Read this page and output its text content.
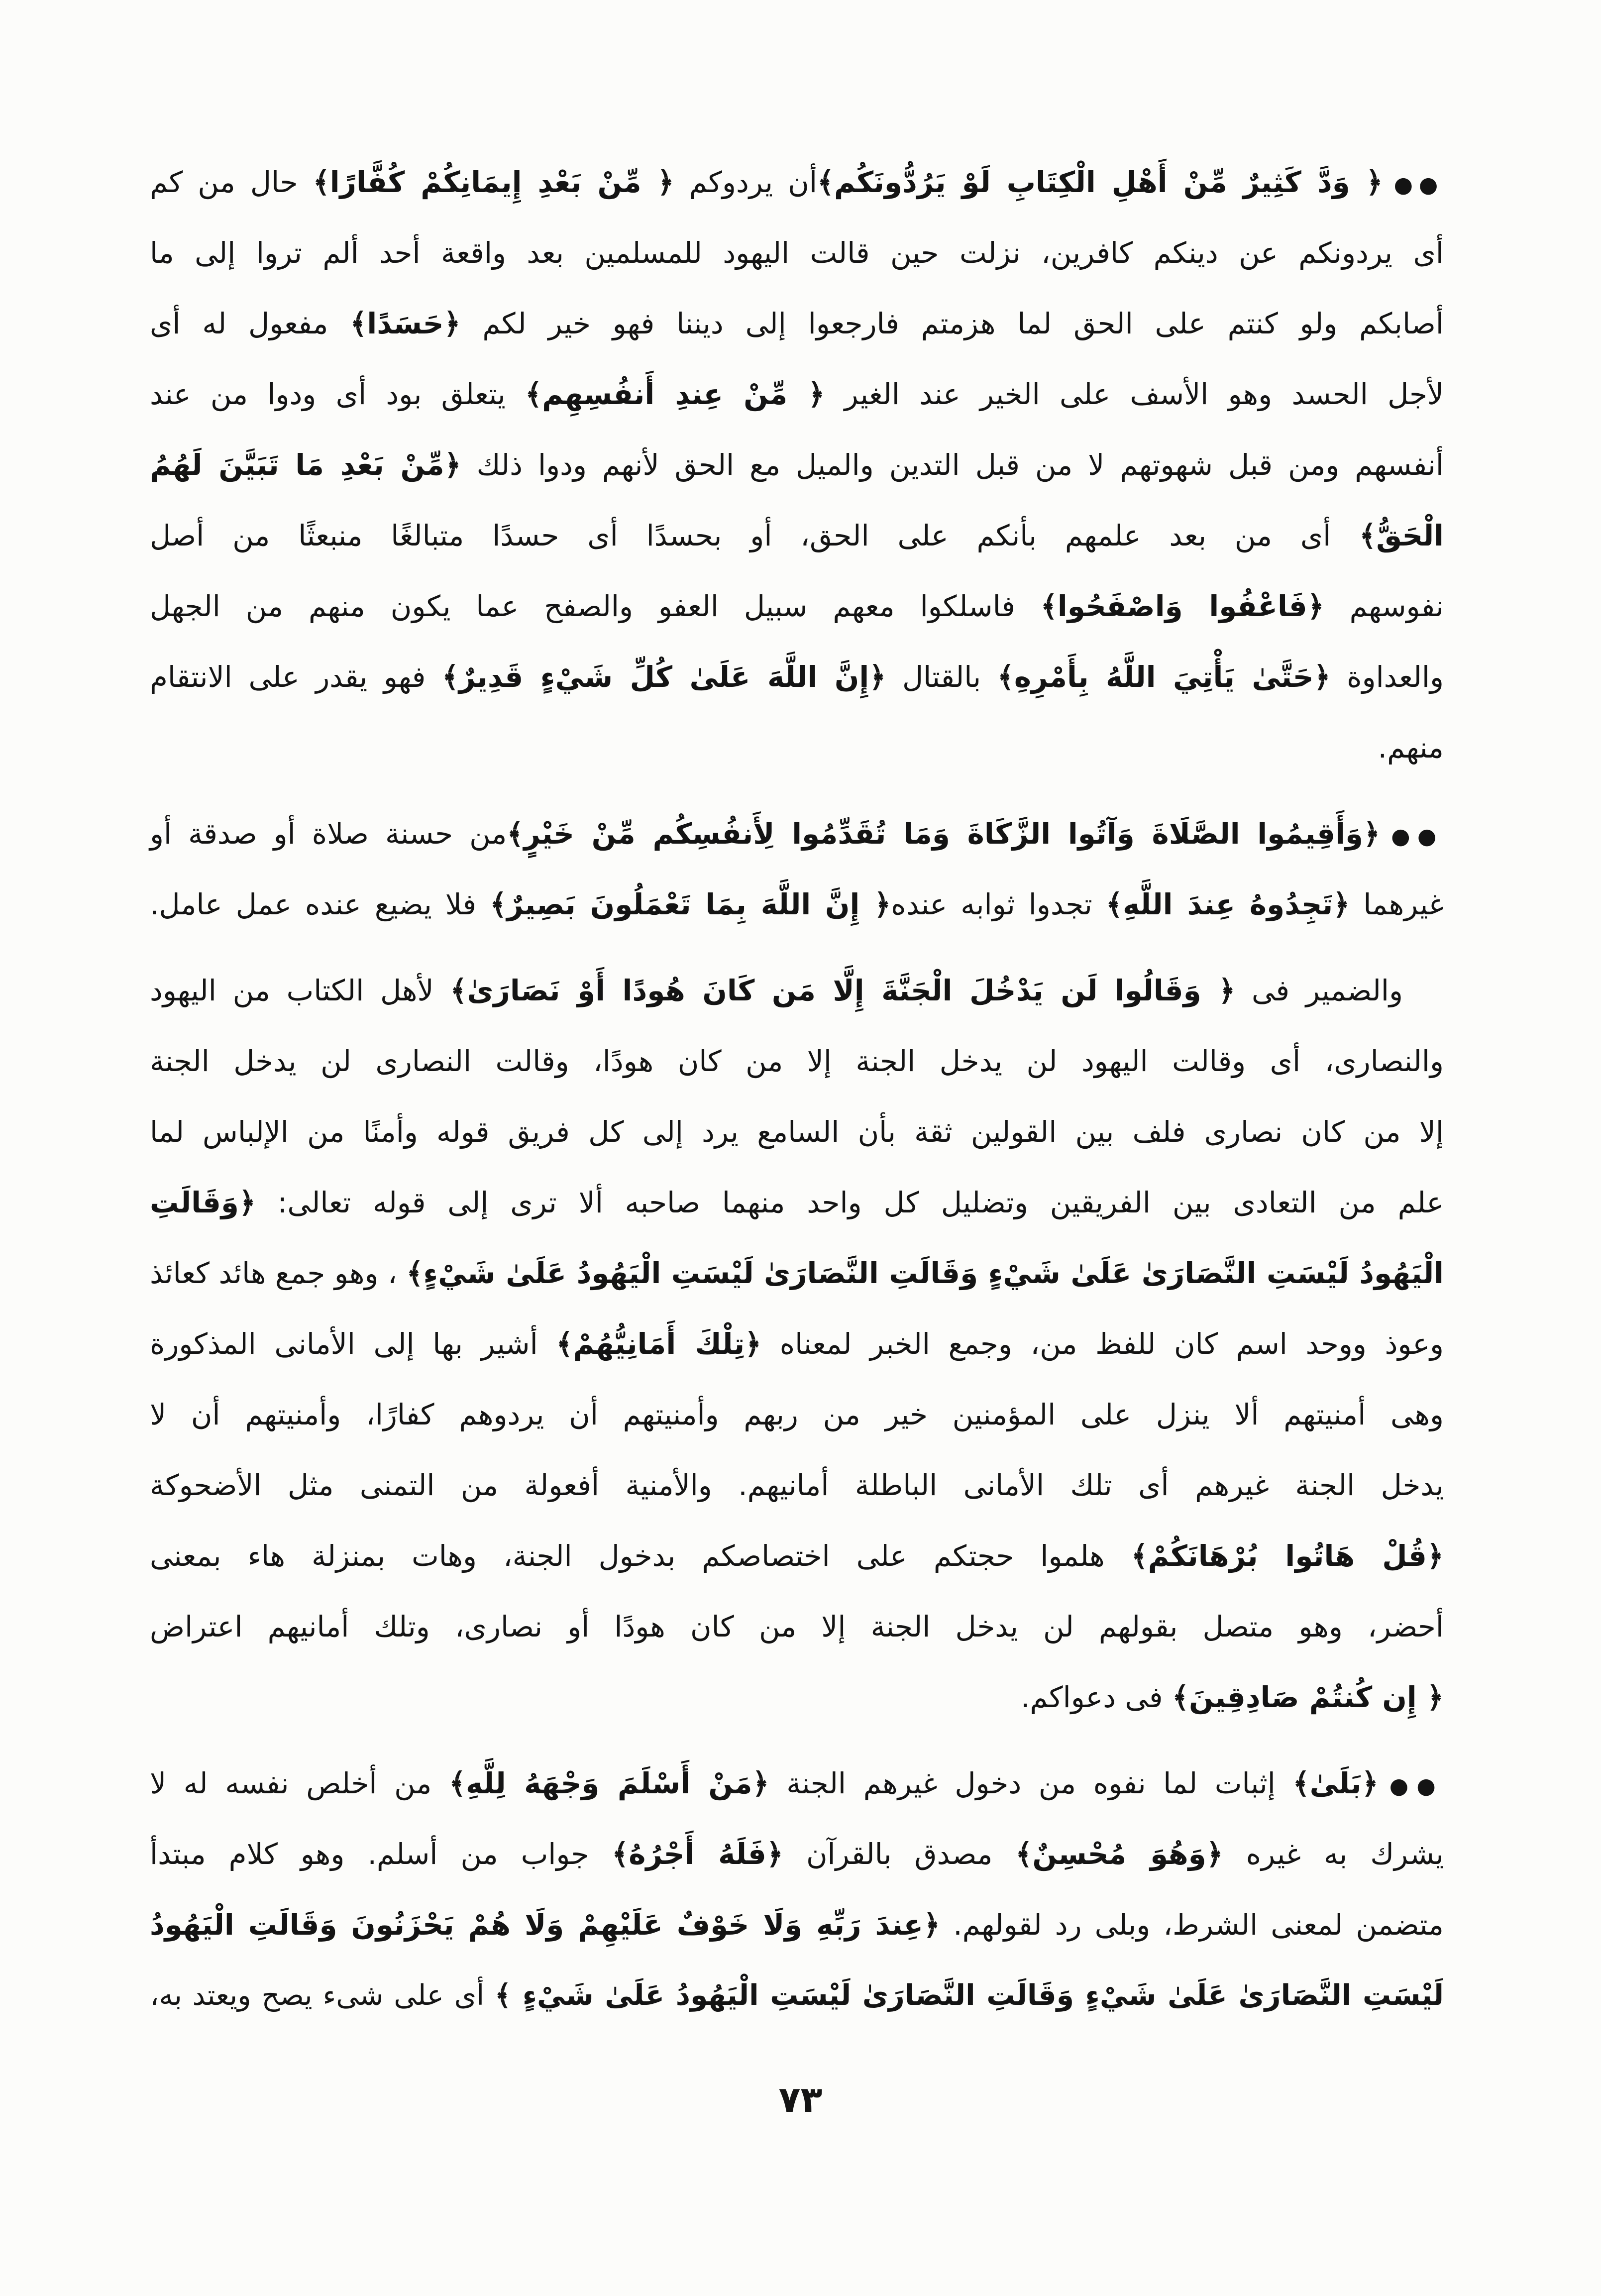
●●﴿ وَدَّ كَثِيرٌ مِّنْ أَهْلِ الْكِتَابِ لَوْ يَرُدُّونَكُم﴾أن يردوكم ﴿ مِّنْ بَعْدِ إِيمَانِكُمْ كُفَّارًا﴾ حال من كم
أى يردونكم عن دينكم كافرين، نزلت حين قالت اليهود للمسلمين بعد واقعة أحد ألم تروا إلى ما
أصابكم ولو كنتم على الحق لما هزمتم فارجعوا إلى ديننا فهو خير لكم ﴿حَسَدًا﴾ مفعول له أى
لأجل الحسد وهو الأسف على الخير عند الغير ﴿ مِّنْ عِندِ أَنفُسِهِم﴾ يتعلق بود أى ودوا من عند
أنفسهم ومن قبل شهوتهم لا من قبل التدين والميل مع الحق لأنهم ودوا ذلك ﴿مِّنْ بَعْدِ مَا تَبَيَّنَ لَهُمُ
الْحَقُّ﴾ أى من بعد علمهم بأنكم على الحق، أو بحسدًا أى حسدًا متبالغًا منبعثًا من أصل
نفوسهم ﴿فَاعْفُوا وَاصْفَحُوا﴾ فاسلكوا معهم سبيل العفو والصفح عما يكون منهم من الجهل
والعداوة ﴿حَتَّىٰ يَأْتِيَ اللَّهُ بِأَمْرِهِ﴾ بالقتال ﴿إِنَّ اللَّهَ عَلَىٰ كُلِّ شَيْءٍ قَدِيرٌ﴾ فهو يقدر على الانتقام
منهم.
●●﴿وَأَقِيمُوا الصَّلَاةَ وَآتُوا الزَّكَاةَ وَمَا تُقَدِّمُوا لِأَنفُسِكُم مِّنْ خَيْرٍ﴾من حسنة صلاة أو صدقة أو
غيرهما ﴿تَجِدُوهُ عِندَ اللَّهِ﴾ تجدوا ثوابه عنده﴿ إِنَّ اللَّهَ بِمَا تَعْمَلُونَ بَصِيرٌ﴾ فلا يضيع عنده عمل عامل.
والضمير فى ﴿ وَقَالُوا لَن يَدْخُلَ الْجَنَّةَ إِلَّا مَن كَانَ هُودًا أَوْ نَصَارَىٰ﴾ لأهل الكتاب من اليهود
والنصارى، أى وقالت اليهود لن يدخل الجنة إلا من كان هودًا، وقالت النصارى لن يدخل الجنة
إلا من كان نصارى فلف بين القولين ثقة بأن السامع يرد إلى كل فريق قوله وأمنًا من الإلباس لما
علم من التعادى بين الفريقين وتضليل كل واحد منهما صاحبه ألا ترى إلى قوله تعالى: ﴿وَقَالَتِ
الْيَهُودُ لَيْسَتِ النَّصَارَىٰ عَلَىٰ شَيْءٍ وَقَالَتِ النَّصَارَىٰ لَيْسَتِ الْيَهُودُ عَلَىٰ شَيْءٍ﴾ ، وهو جمع هائد كعائذ
وعوذ ووحد اسم كان للفظ من، وجمع الخبر لمعناه ﴿تِلْكَ أَمَانِيُّهُمْ﴾ أشير بها إلى الأمانى المذكورة
وهى أمنيتهم ألا ينزل على المؤمنين خير من ربهم وأمنيتهم أن يردوهم كفارًا، وأمنيتهم أن لا
يدخل الجنة غيرهم أى تلك الأمانى الباطلة أمانيهم. والأمنية أفعولة من التمنى مثل الأضحوكة
﴿قُلْ هَاتُوا بُرْهَانَكُمْ﴾ هلموا حجتكم على اختصاصكم بدخول الجنة، وهات بمنزلة هاء بمعنى
أحضر، وهو متصل بقولهم لن يدخل الجنة إلا من كان هودًا أو نصارى، وتلك أمانيهم اعتراض
﴿ إِن كُنتُمْ صَادِقِينَ﴾ فى دعواكم.
●●﴿بَلَىٰ﴾ إثبات لما نفوه من دخول غيرهم الجنة ﴿مَنْ أَسْلَمَ وَجْهَهُ لِلَّهِ﴾ من أخلص نفسه له لا
يشرك به غيره ﴿وَهُوَ مُحْسِنٌ﴾ مصدق بالقرآن ﴿فَلَهُ أَجْرُهُ﴾ جواب من أسلم. وهو كلام مبتدأ
متضمن لمعنى الشرط، وبلى رد لقولهم. ﴿عِندَ رَبِّهِ وَلَا خَوْفٌ عَلَيْهِمْ وَلَا هُمْ يَحْزَنُونَ وَقَالَتِ الْيَهُودُ
لَيْسَتِ النَّصَارَىٰ عَلَىٰ شَيْءٍ وَقَالَتِ النَّصَارَىٰ لَيْسَتِ الْيَهُودُ عَلَىٰ شَيْءٍ ﴾ أى على شىء يصح ويعتد به،
٧٣
